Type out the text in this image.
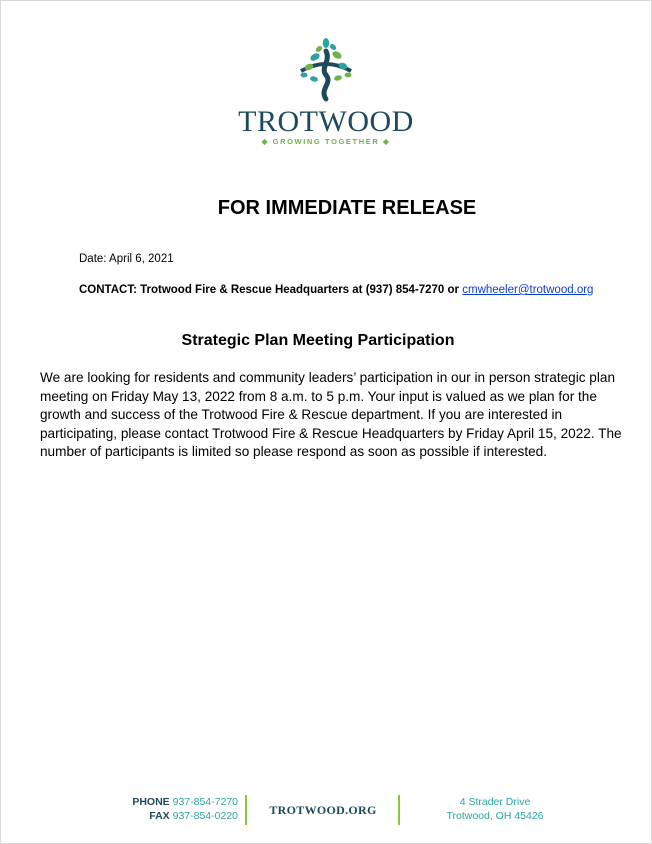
TROTWOOD
◆ GROWING TOGETHER ◆
FOR IMMEDIATE RELEASE
Date: April 6, 2021
CONTACT: Trotwood Fire & Rescue Headquarters at (937) 854-7270 or cmwheeler@trotwood.org
Strategic Plan Meeting Participation
We are looking for residents and community leaders’ participation in our in person strategic plan meeting on Friday May 13, 2022 from 8 a.m. to 5 p.m. Your input is valued as we plan for the growth and success of the Trotwood Fire & Rescue department. If you are interested in participating, please contact Trotwood Fire & Rescue Headquarters by Friday April 15, 2022. The number of participants is limited so please respond as soon as possible if interested.
PHONE 937-854-7270
FAX 937-854-0220	TROTWOOD.ORG
4 Strader Drive
Trotwood, OH 45426
